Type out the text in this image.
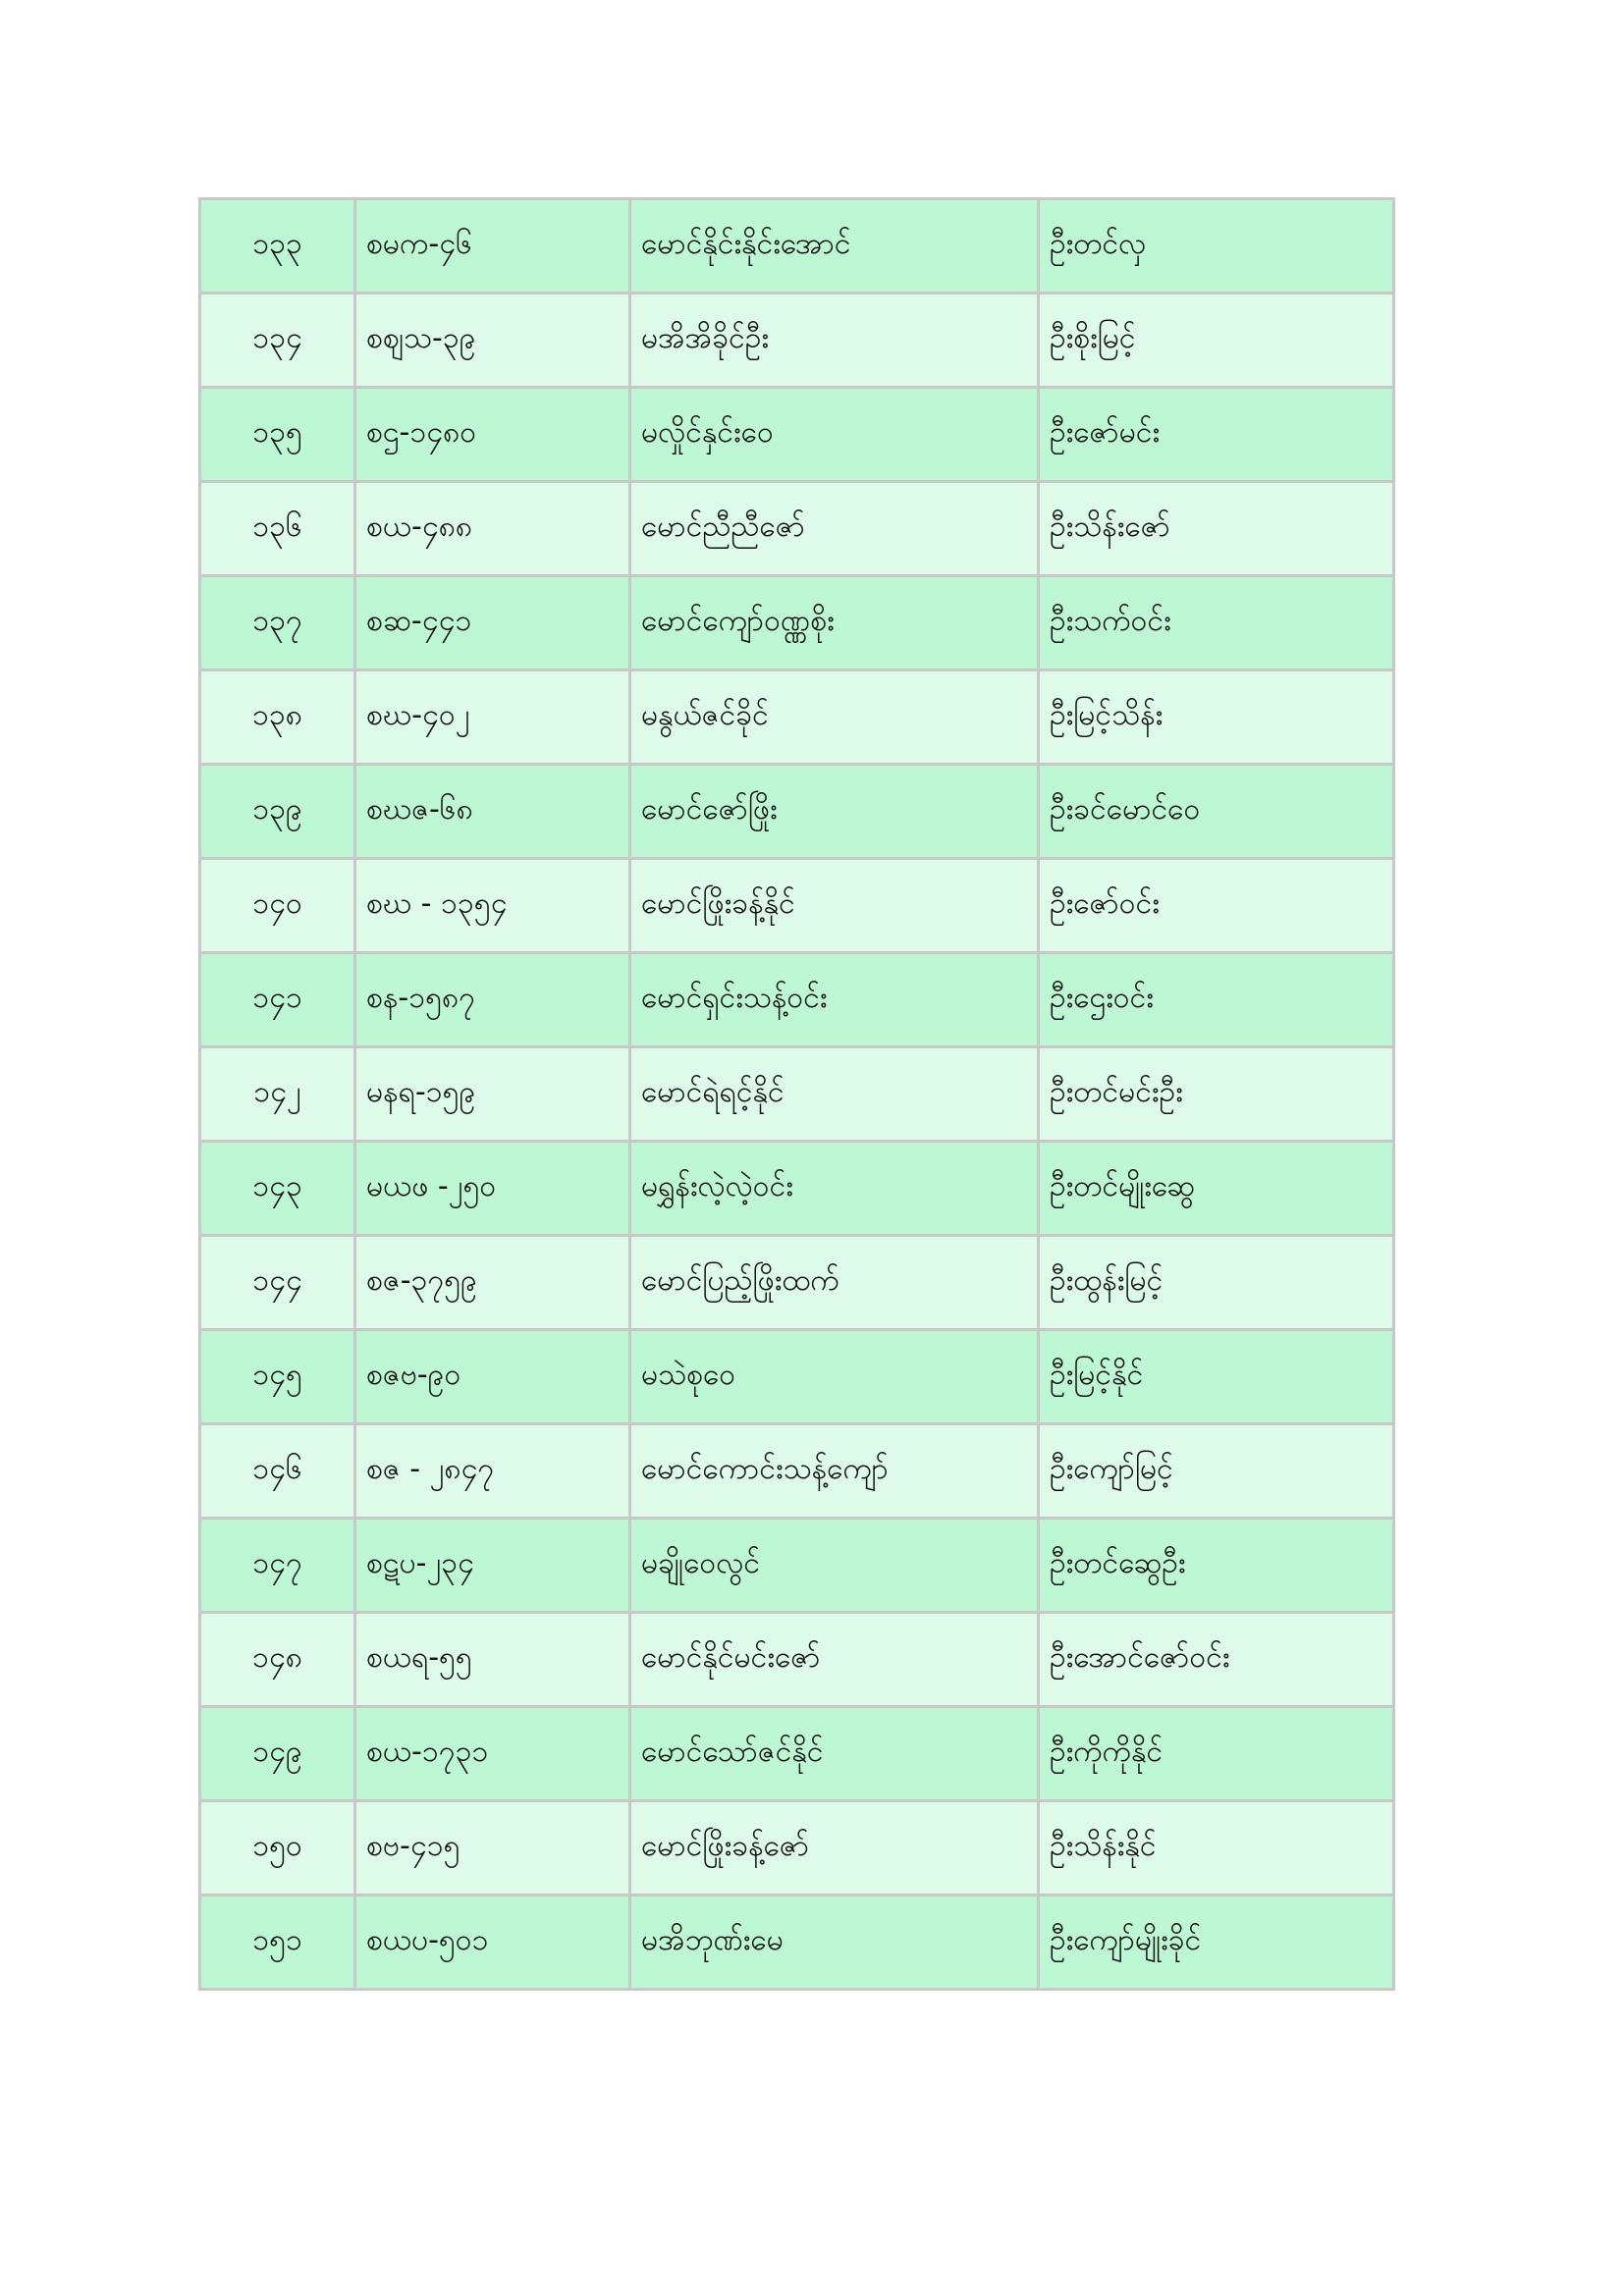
၁၃၃	စမက-၄၆	မောင်နိုင်းနိုင်းအောင်	ဦးတင်လှ
၁၃၄	စဈသ-၃၉	မအိအိခိုင်ဦး	ဦးစိုးမြင့်
၁၃၅	စဌ-၁၄၈၀	မလှိုင်နှင်းဝေ	ဦးဇော်မင်း
၁၃၆	စယ-၄၈၈	မောင်ညီညီဇော်	ဦးသိန်းဇော်
၁၃၇	စဆ-၄၄၁	မောင်ကျော်ဝဏ္ဏစိုး	ဦးသက်ဝင်း
၁၃၈	စဃ-၄၀၂	မနွယ်ဇင်ခိုင်	ဦးမြင့်သိန်း
၁၃၉	စဃဇ-၆၈	မောင်ဇော်ဖြိုး	ဦးခင်မောင်ဝေ
၁၄၀	စဃ - ၁၃၅၄	မောင်ဖြိုးခန့်နိုင်	ဦးဇော်ဝင်း
၁၄၁	စန-၁၅၈၇	မောင်ရှင်းသန့်ဝင်း	ဦးဌေးဝင်း
၁၄၂	မနရ-၁၅၉	မောင်ရဲရင့်နိုင်	ဦးတင်မင်းဦး
၁၄၃	မယဖ -၂၅၀	မရွှန်းလဲ့လဲ့ဝင်း	ဦးတင်မျိုးဆွေ
၁၄၄	စဇ-၃၇၅၉	မောင်ပြည့်ဖြိုးထက်	ဦးထွန်းမြင့်
၁၄၅	စဇဗ-၉၀	မသဲစုဝေ	ဦးမြင့်နိုင်
၁၄၆	စဇ - ၂၈၄၇	မောင်ကောင်းသန့်ကျော်	ဦးကျော်မြင့်
၁၄၇	စဋပ-၂၃၄	မချိုဝေလွင်	ဦးတင်ဆွေဦး
၁၄၈	စယရ-၅၅	မောင်နိုင်မင်းဇော်	ဦးအောင်ဇော်ဝင်း
၁၄၉	စယ-၁၇၃၁	မောင်သော်ဇင်နိုင်	ဦးကိုကိုနိုင်
၁၅၀	စဗ-၄၁၅	မောင်ဖြိုးခန့်ဇော်	ဦးသိန်းနိုင်
၁၅၁	စယပ-၅၀၁	မအိဘုဏ်းမေ	ဦးကျော်မျိုးခိုင်
